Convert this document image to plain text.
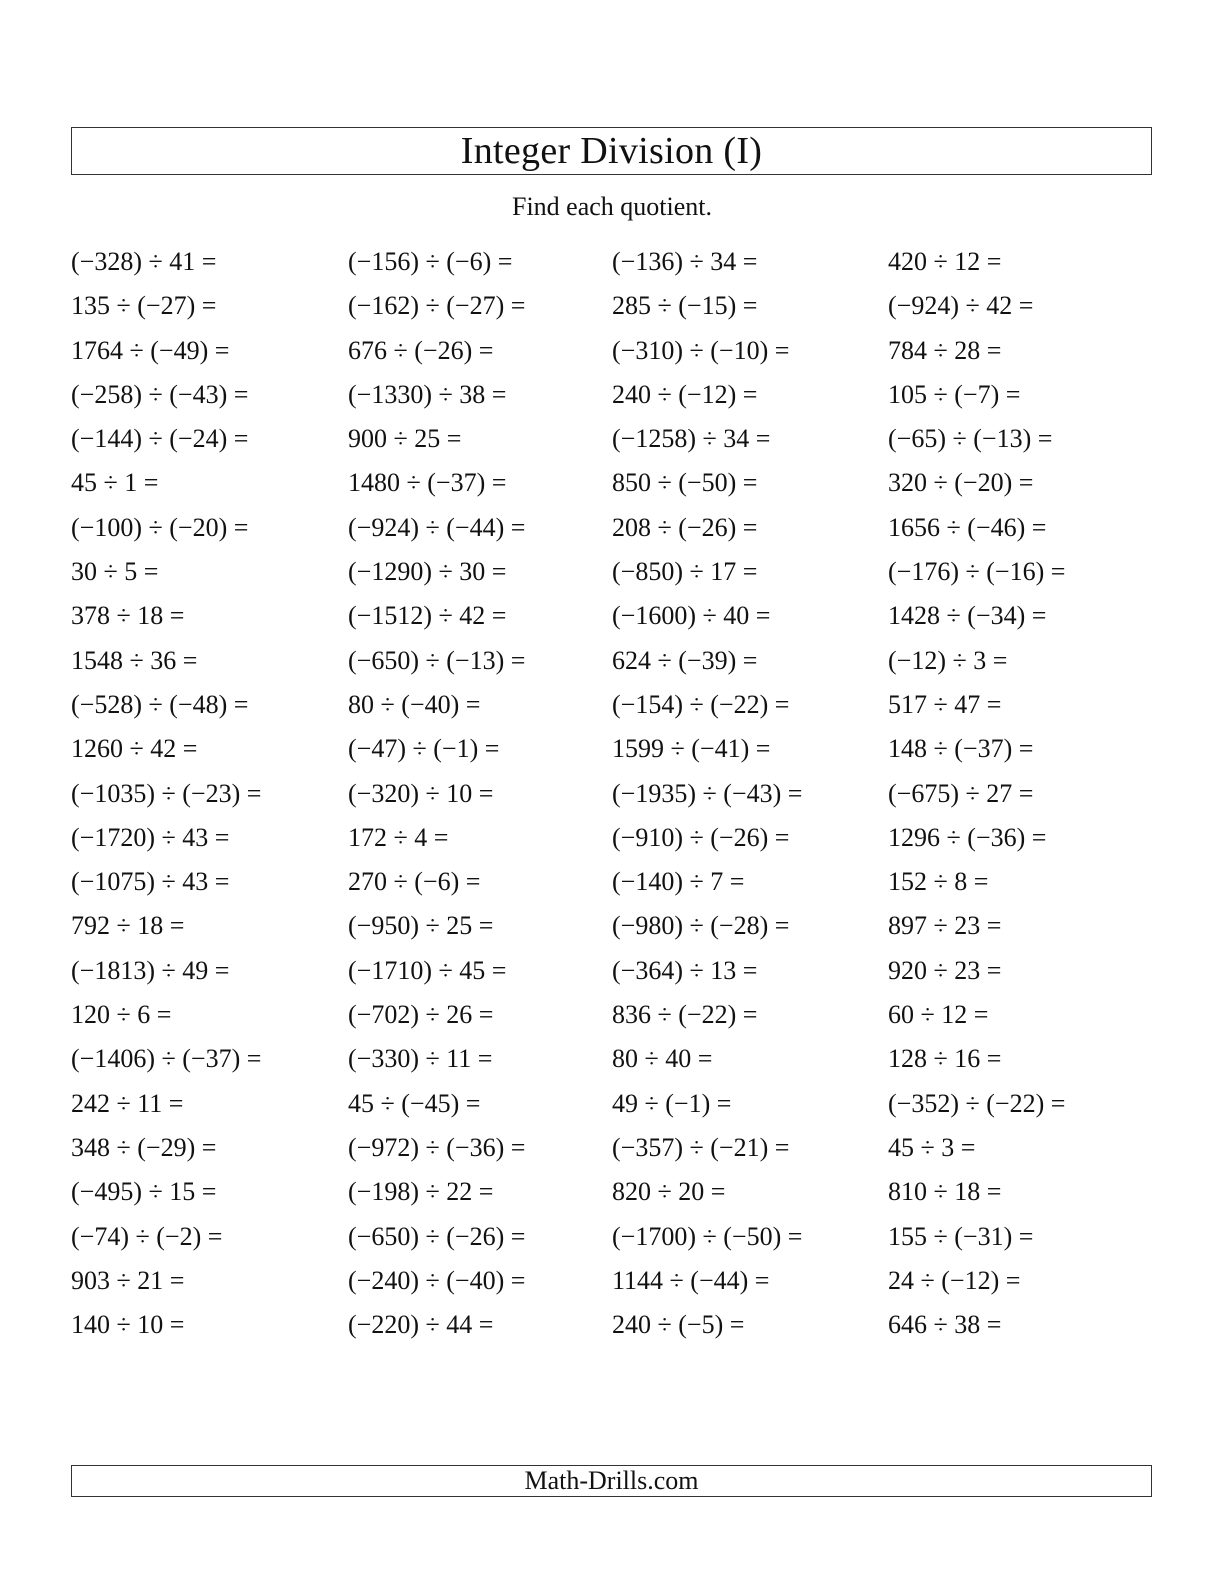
Integer Division (I)
Find each quotient.
(−328) ÷ 41 =	(−156) ÷ (−6) =	(−136) ÷ 34 =	420 ÷ 12 =
135 ÷ (−27) =	(−162) ÷ (−27) =	285 ÷ (−15) =	(−924) ÷ 42 =
1764 ÷ (−49) =	676 ÷ (−26) =	(−310) ÷ (−10) =	784 ÷ 28 =
(−258) ÷ (−43) =	(−1330) ÷ 38 =	240 ÷ (−12) =	105 ÷ (−7) =
(−144) ÷ (−24) =	900 ÷ 25 =	(−1258) ÷ 34 =	(−65) ÷ (−13) =
45 ÷ 1 =	1480 ÷ (−37) =	850 ÷ (−50) =	320 ÷ (−20) =
(−100) ÷ (−20) =	(−924) ÷ (−44) =	208 ÷ (−26) =	1656 ÷ (−46) =
30 ÷ 5 =	(−1290) ÷ 30 =	(−850) ÷ 17 =	(−176) ÷ (−16) =
378 ÷ 18 =	(−1512) ÷ 42 =	(−1600) ÷ 40 =	1428 ÷ (−34) =
1548 ÷ 36 =	(−650) ÷ (−13) =	624 ÷ (−39) =	(−12) ÷ 3 =
(−528) ÷ (−48) =	80 ÷ (−40) =	(−154) ÷ (−22) =	517 ÷ 47 =
1260 ÷ 42 =	(−47) ÷ (−1) =	1599 ÷ (−41) =	148 ÷ (−37) =
(−1035) ÷ (−23) =	(−320) ÷ 10 =	(−1935) ÷ (−43) =	(−675) ÷ 27 =
(−1720) ÷ 43 =	172 ÷ 4 =	(−910) ÷ (−26) =	1296 ÷ (−36) =
(−1075) ÷ 43 =	270 ÷ (−6) =	(−140) ÷ 7 =	152 ÷ 8 =
792 ÷ 18 =	(−950) ÷ 25 =	(−980) ÷ (−28) =	897 ÷ 23 =
(−1813) ÷ 49 =	(−1710) ÷ 45 =	(−364) ÷ 13 =	920 ÷ 23 =
120 ÷ 6 =	(−702) ÷ 26 =	836 ÷ (−22) =	60 ÷ 12 =
(−1406) ÷ (−37) =	(−330) ÷ 11 =	80 ÷ 40 =	128 ÷ 16 =
242 ÷ 11 =	45 ÷ (−45) =	49 ÷ (−1) =	(−352) ÷ (−22) =
348 ÷ (−29) =	(−972) ÷ (−36) =	(−357) ÷ (−21) =	45 ÷ 3 =
(−495) ÷ 15 =	(−198) ÷ 22 =	820 ÷ 20 =	810 ÷ 18 =
(−74) ÷ (−2) =	(−650) ÷ (−26) =	(−1700) ÷ (−50) =	155 ÷ (−31) =
903 ÷ 21 =	(−240) ÷ (−40) =	1144 ÷ (−44) =	24 ÷ (−12) =
140 ÷ 10 =	(−220) ÷ 44 =	240 ÷ (−5) =	646 ÷ 38 =
Math-Drills.com
